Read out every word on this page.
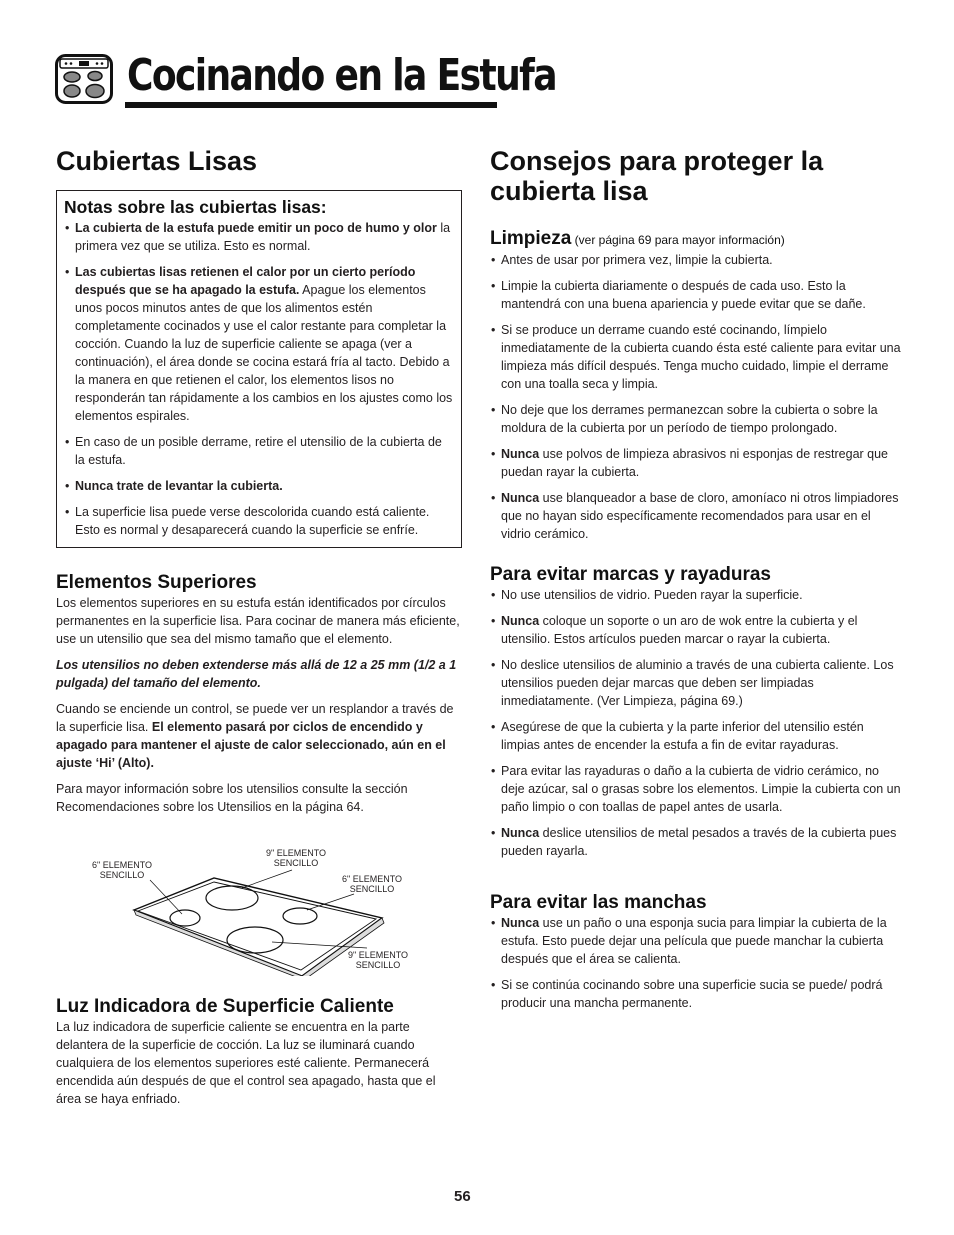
Cocinando en la Estufa
Cubiertas Lisas
Notas sobre las cubiertas lisas:
• La cubierta de la estufa puede emitir un poco de humo y olor la primera vez que se utiliza. Esto es normal.
• Las cubiertas lisas retienen el calor por un cierto período después que se ha apagado la estufa. Apague los elementos unos pocos minutos antes de que los alimentos estén completamente cocinados y use el calor restante para completar la cocción. Cuando la luz de superficie caliente se apaga (ver a continuación), el área donde se cocina estará fría al tacto. Debido a la manera en que retienen el calor, los elementos lisos no responderán tan rápidamente a los cambios en los ajustes como los elementos espirales.
• En caso de un posible derrame, retire el utensilio de la cubierta de la estufa.
• Nunca trate de levantar la cubierta.
• La superficie lisa puede verse descolorida cuando está caliente. Esto es normal y desaparecerá cuando la superficie se enfríe.
Elementos Superiores

Los elementos superiores en su estufa están identificados por círculos permanentes en la superficie lisa. Para cocinar de manera más eficiente, use un utensilio que sea del mismo tamaño que el elemento.

Los utensilios no deben extenderse más allá de 12 a 25 mm (1/2 a 1 pulgada) del tamaño del elemento.

Cuando se enciende un control, se puede ver un resplandor a través de la superficie lisa. El elemento pasará por ciclos de encendido y apagado para mantener el ajuste de calor seleccionado, aún en el ajuste ‘Hi’ (Alto).

Para mayor información sobre los utensilios consulte la sección Recomendaciones sobre los Utensilios en la página 64.

6" ELEMENTO
SENCILLO
9" ELEMENTO
SENCILLO
6" ELEMENTO
SENCILLO
9" ELEMENTO
SENCILLO
Luz Indicadora de Superficie Caliente

La luz indicadora de superficie caliente se encuentra en la parte delantera de la superficie de cocción. La luz se iluminará cuando cualquiera de los elementos superiores esté caliente. Permanecerá encendida aún después de que el control sea apagado, hasta que el área se haya enfriado.

Consejos para proteger la cubierta lisa
Limpieza (ver página 69 para mayor información)
• Antes de usar por primera vez, limpie la cubierta.
• Limpie la cubierta diariamente o después de cada uso. Esto la mantendrá con una buena apariencia y puede evitar que se dañe.
• Si se produce un derrame cuando esté cocinando, límpielo inmediatamente de la cubierta cuando ésta esté caliente para evitar una limpieza más difícil después. Tenga mucho cuidado, limpie el derrame con una toalla seca y limpia.
• No deje que los derrames permanezcan sobre la cubierta o sobre la moldura de la cubierta por un período de tiempo prolongado.
• Nunca use polvos de limpieza abrasivos ni esponjas de restregar que puedan rayar la cubierta.
• Nunca use blanqueador a base de cloro, amoníaco ni otros limpiadores que no hayan sido específicamente recomendados para usar en el vidrio cerámico.
Para evitar marcas y rayaduras
• No use utensilios de vidrio. Pueden rayar la superficie.
• Nunca coloque un soporte o un aro de wok entre la cubierta y el utensilio. Estos artículos pueden marcar o rayar la cubierta.
• No deslice utensilios de aluminio a través de una cubierta caliente. Los utensilios pueden dejar marcas que deben ser limpiadas inmediatamente. (Ver Limpieza, página 69.)
• Asegúrese de que la cubierta y la parte inferior del utensilio estén limpias antes de encender la estufa a fin de evitar rayaduras.
• Para evitar las rayaduras o daño a la cubierta de vidrio cerámico, no deje azúcar, sal o grasas sobre los elementos. Limpie la cubierta con un paño limpio o con toallas de papel antes de usarla.
• Nunca deslice utensilios de metal pesados a través de la cubierta pues pueden rayarla.
Para evitar las manchas
• Nunca use un paño o una esponja sucia para limpiar la cubierta de la estufa. Esto puede dejar una película que puede manchar la cubierta después que el área se calienta.
• Si se continúa cocinando sobre una superficie sucia se puede/ podrá producir una mancha permanente.
56
